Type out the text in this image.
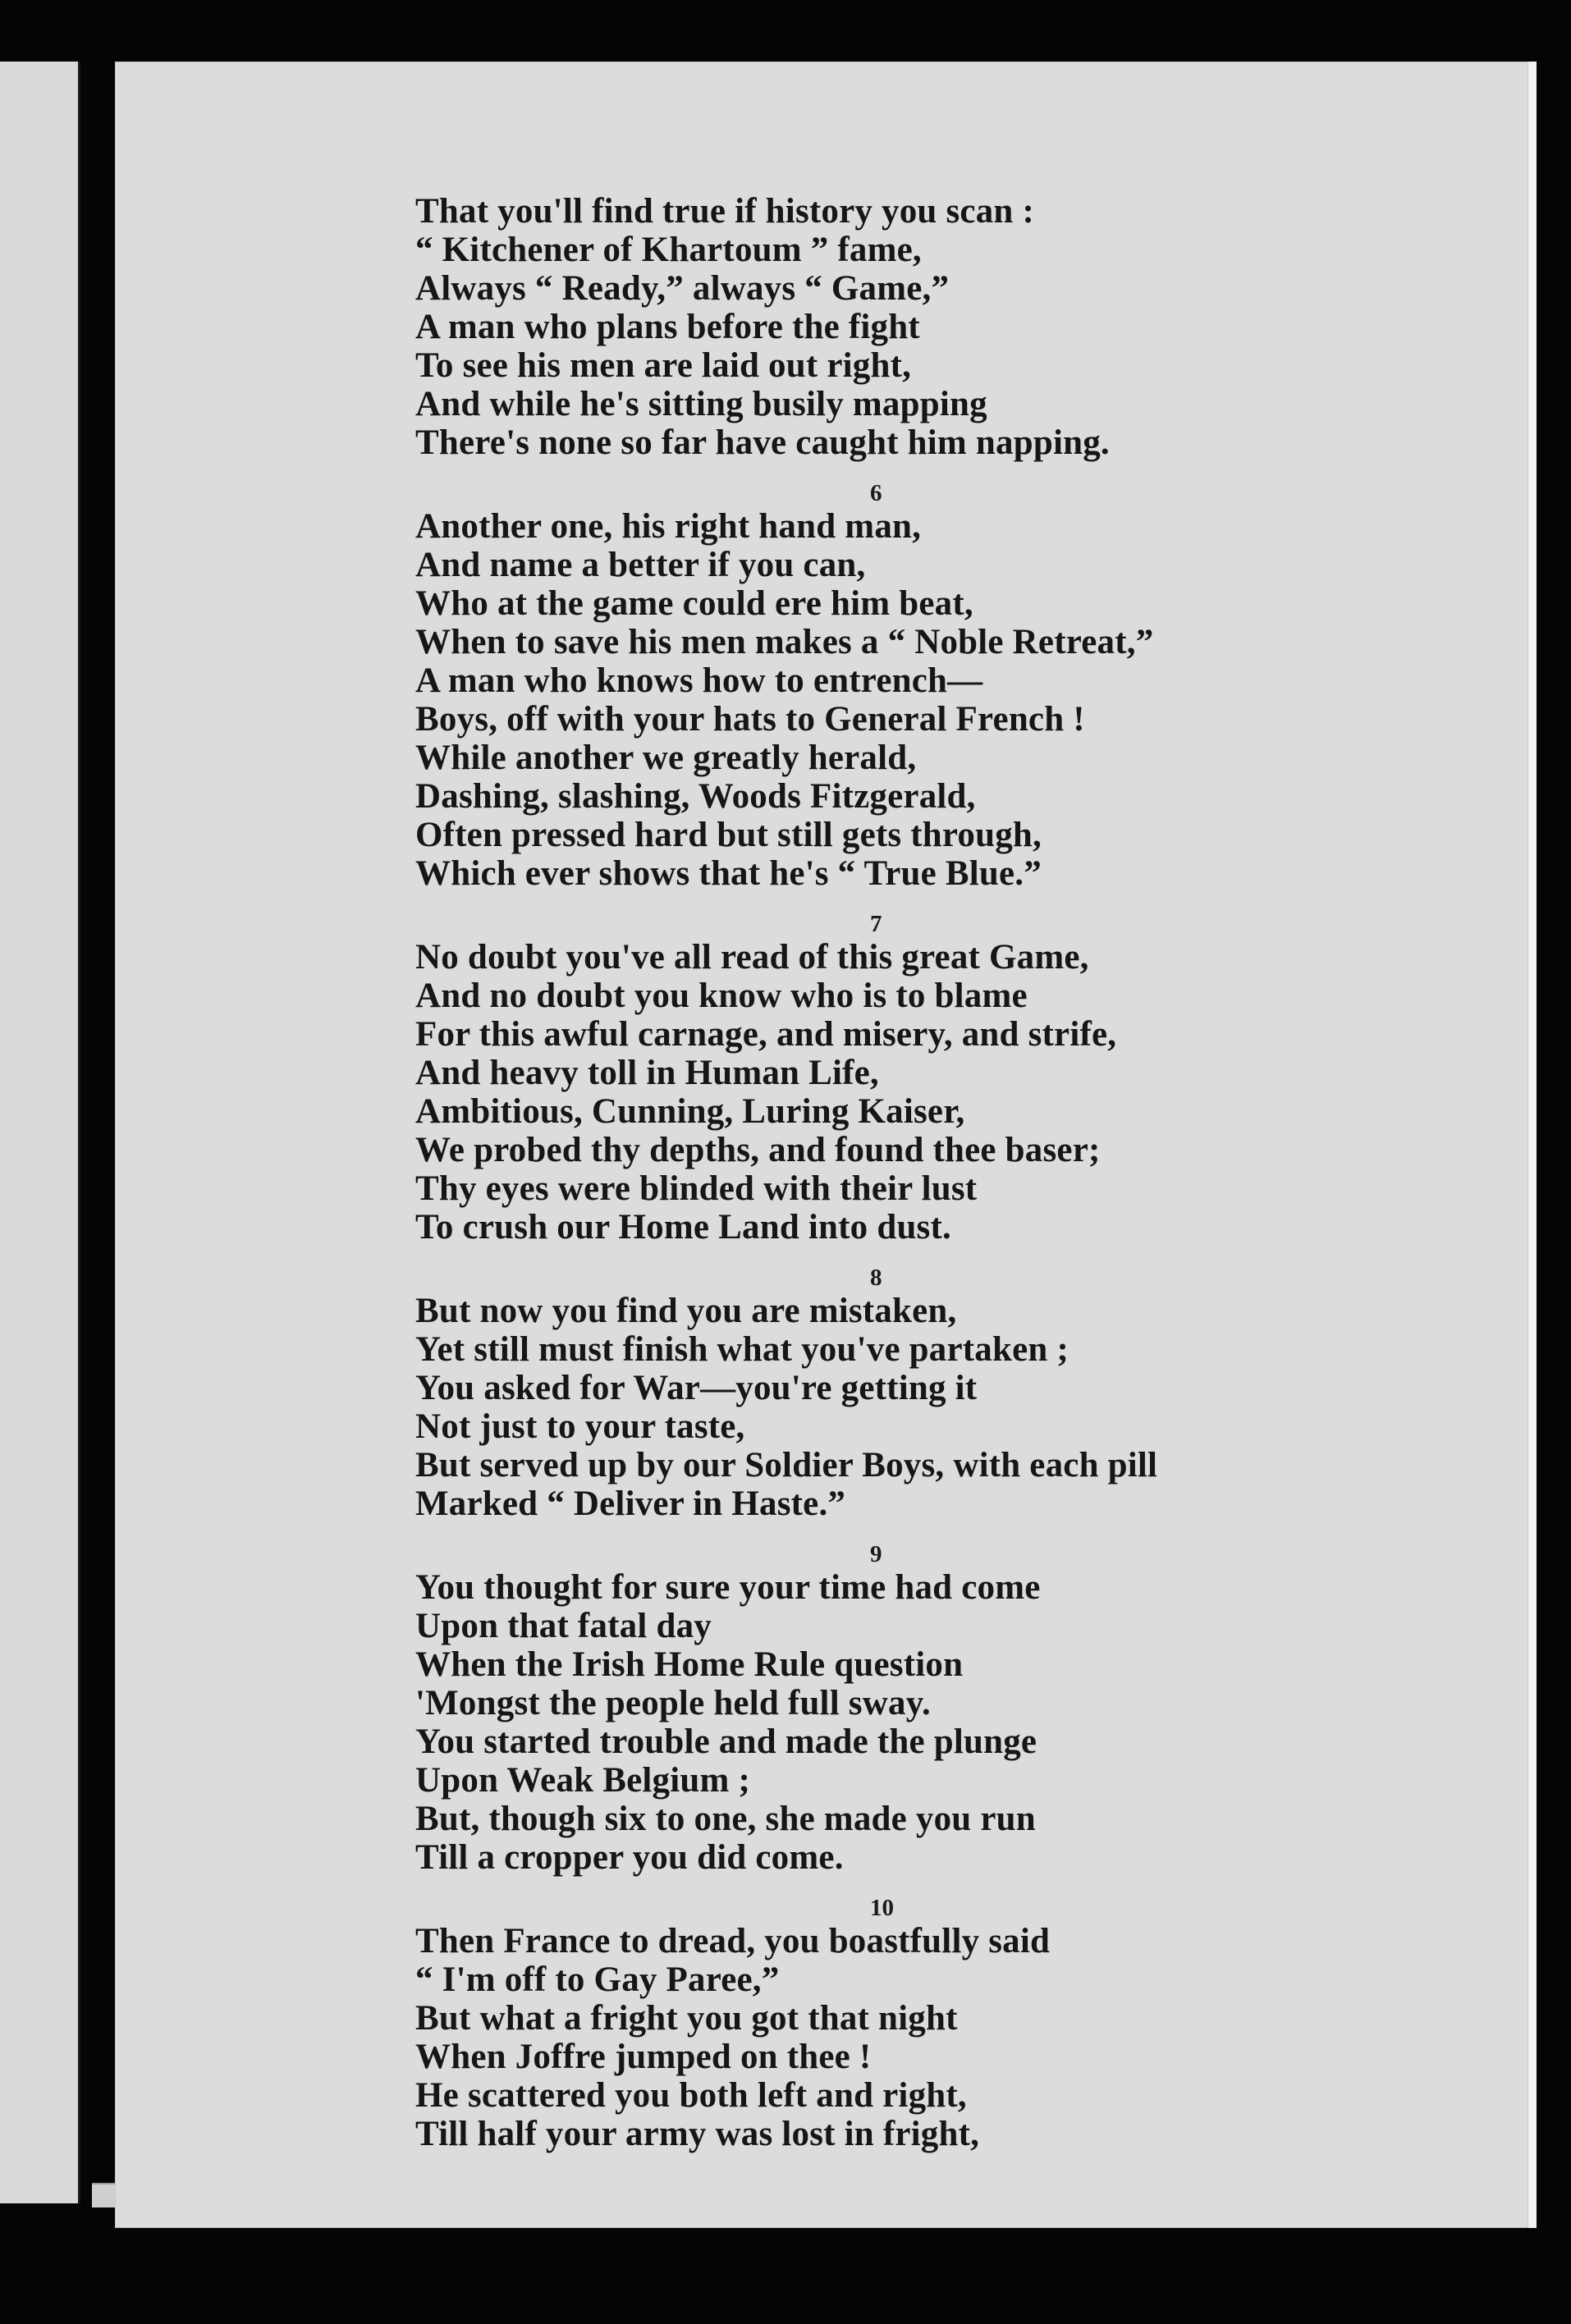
That you'll find true if history you scan :
“ Kitchener of Khartoum ” fame,
Always “ Ready,” always “ Game,”
A man who plans before the fight
To see his men are laid out right,
And while he's sitting busily mapping
There's none so far have caught him napping.
6
Another one, his right hand man,
And name a better if you can,
Who at the game could ere him beat,
When to save his men makes a “ Noble Retreat,”
A man who knows how to entrench—
Boys, off with your hats to General French !
While another we greatly herald,
Dashing, slashing, Woods Fitzgerald,
Often pressed hard but still gets through,
Which ever shows that he's “ True Blue.”
7
No doubt you've all read of this great Game,
And no doubt you know who is to blame
For this awful carnage, and misery, and strife,
And heavy toll in Human Life,
Ambitious, Cunning, Luring Kaiser,
We probed thy depths, and found thee baser;
Thy eyes were blinded with their lust
To crush our Home Land into dust.
8
But now you find you are mistaken,
Yet still must finish what you've partaken ;
You asked for War—you're getting it
Not just to your taste,
But served up by our Soldier Boys, with each pill
Marked “ Deliver in Haste.”
9
You thought for sure your time had come
Upon that fatal day
When the Irish Home Rule question
'Mongst the people held full sway.
You started trouble and made the plunge
Upon Weak Belgium ;
But, though six to one, she made you run
Till a cropper you did come.
10
Then France to dread, you boastfully said
“ I'm off to Gay Paree,”
But what a fright you got that night
When Joffre jumped on thee !
He scattered you both left and right,
Till half your army was lost in fright,
